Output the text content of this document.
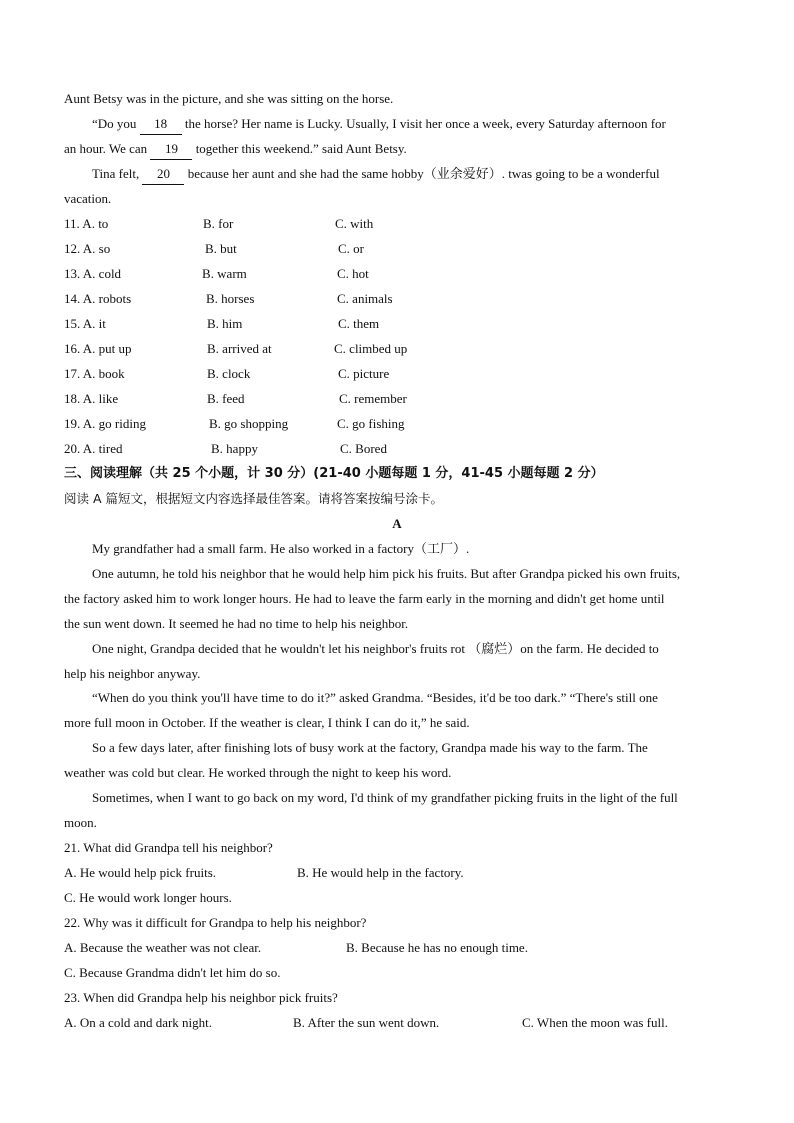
Aunt Betsy was in the picture, and she was sitting on the horse.
“Do you 18 the horse? Her name is Lucky. Usually, I visit her once a week, every Saturday afternoon for
an hour. We can 19 together this weekend.” said Aunt Betsy.
Tina felt, 20 because her aunt and she had the same hobby（业余爱好）. twas going to be a wonderful
vacation.
11. A. to	B. for	C. with
12. A. so	B. but	C. or
13. A. cold	B. warm	C. hot
14. A. robots	B. horses	C. animals
15. A. it	B. him	C. them
16. A. put up	B. arrived at	C. climbed up
17. A. book	B. clock	C. picture
18. A. like	B. feed	C. remember
19. A. go riding	B. go shopping	C. go fishing
20. A. tired	B. happy	C. Bored
三、阅读理解（共 25 个小题，计 30 分）(21-40 小题每题 1 分，41-45 小题每题 2 分）
阅读 A 篇短文，根据短文内容选择最佳答案。请将答案按编号涂卡。
A
My grandfather had a small farm. He also worked in a factory（工厂）.
One autumn, he told his neighbor that he would help him pick his fruits. But after Grandpa picked his own fruits,
the factory asked him to work longer hours. He had to leave the farm early in the morning and didn't get home until
the sun went down. It seemed he had no time to help his neighbor.
One night, Grandpa decided that he wouldn't let his neighbor's fruits rot （腐烂）on the farm. He decided to
help his neighbor anyway.
“When do you think you'll have time to do it?” asked Grandma. “Besides, it'd be too dark.” “There's still one
more full moon in October. If the weather is clear, I think I can do it,” he said.
So a few days later, after finishing lots of busy work at the factory, Grandpa made his way to the farm. The
weather was cold but clear. He worked through the night to keep his word.
Sometimes, when I want to go back on my word, I'd think of my grandfather picking fruits in the light of the full
moon.
21. What did Grandpa tell his neighbor?
A. He would help pick fruits.	B. He would help in the factory.
C. He would work longer hours.
22. Why was it difficult for Grandpa to help his neighbor?
A. Because the weather was not clear.	B. Because he has no enough time.
C. Because Grandma didn't let him do so.
23. When did Grandpa help his neighbor pick fruits?
A. On a cold and dark night.	B. After the sun went down.	C. When the moon was full.
